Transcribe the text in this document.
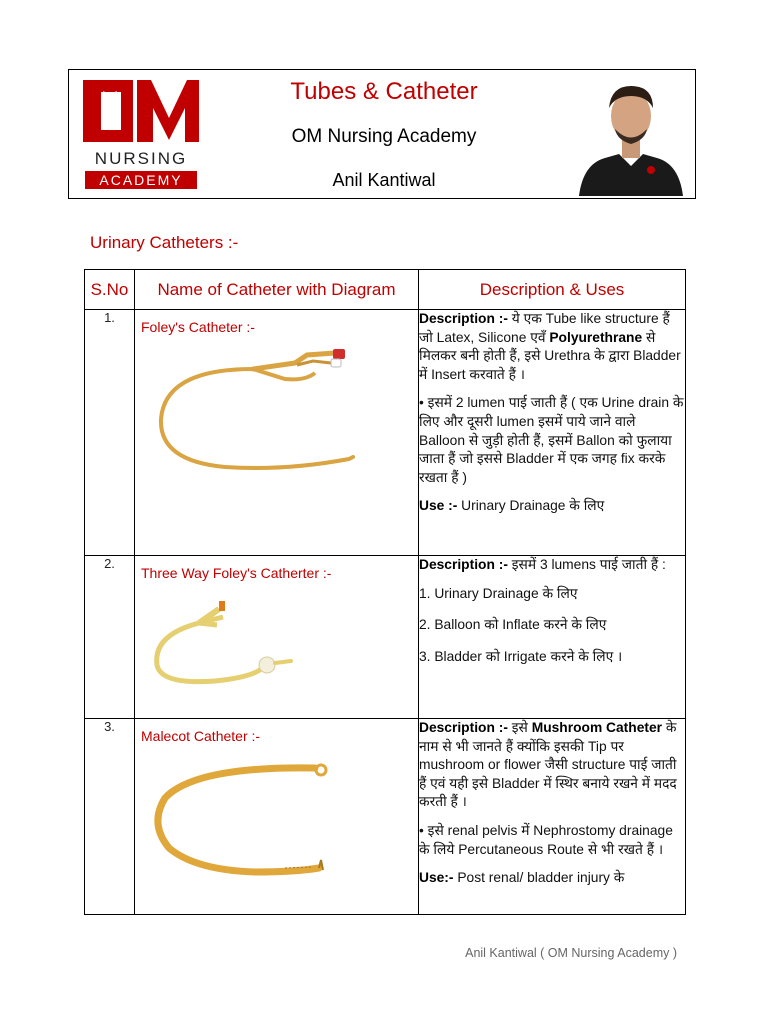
NURSING
ACADEMY
Tubes & Catheter
OM Nursing Academy
Anil Kantiwal
Urinary Catheters :-
S.No	Name of Catheter with Diagram	Description & Uses
1.	Foley's Catheter :-	Description :- ये एक Tube like structure हैं जो Latex, Silicone एवँ Polyurethrane से मिलकर बनी होती हैं, इसे Urethra के द्वारा Bladder में Insert करवाते हैं ।

• इसमें 2 lumen पाई जाती हैं ( एक Urine drain के लिए और दूसरी lumen इसमें पाये जाने वाले Balloon से जुड़ी होती हैं, इसमें Ballon को फुलाया जाता हैं जो इससे Bladder में एक जगह fix करके रखता हैं )

Use :- Urinary Drainage के लिए

2.	Three Way Foley's Catherter :-	Description :- इसमें 3 lumens पाई जाती हैं :

1. Urinary Drainage के लिए

2. Balloon को Inflate करने के लिए

3. Bladder को Irrigate करने के लिए ।

3.	Malecot Catheter :-	Description :- इसे Mushroom Catheter के नाम से भी जानते हैं क्योंकि इसकी Tip पर mushroom or flower जैसी structure पाई जाती हैं एवं यही इसे Bladder में स्थिर बनाये रखने में मदद करती हैं ।

• इसे renal pelvis में Nephrostomy drainage के लिये Percutaneous Route से भी रखते हैं ।

Use:- Post renal/ bladder injury के

Anil Kantiwal ( OM Nursing Academy )
